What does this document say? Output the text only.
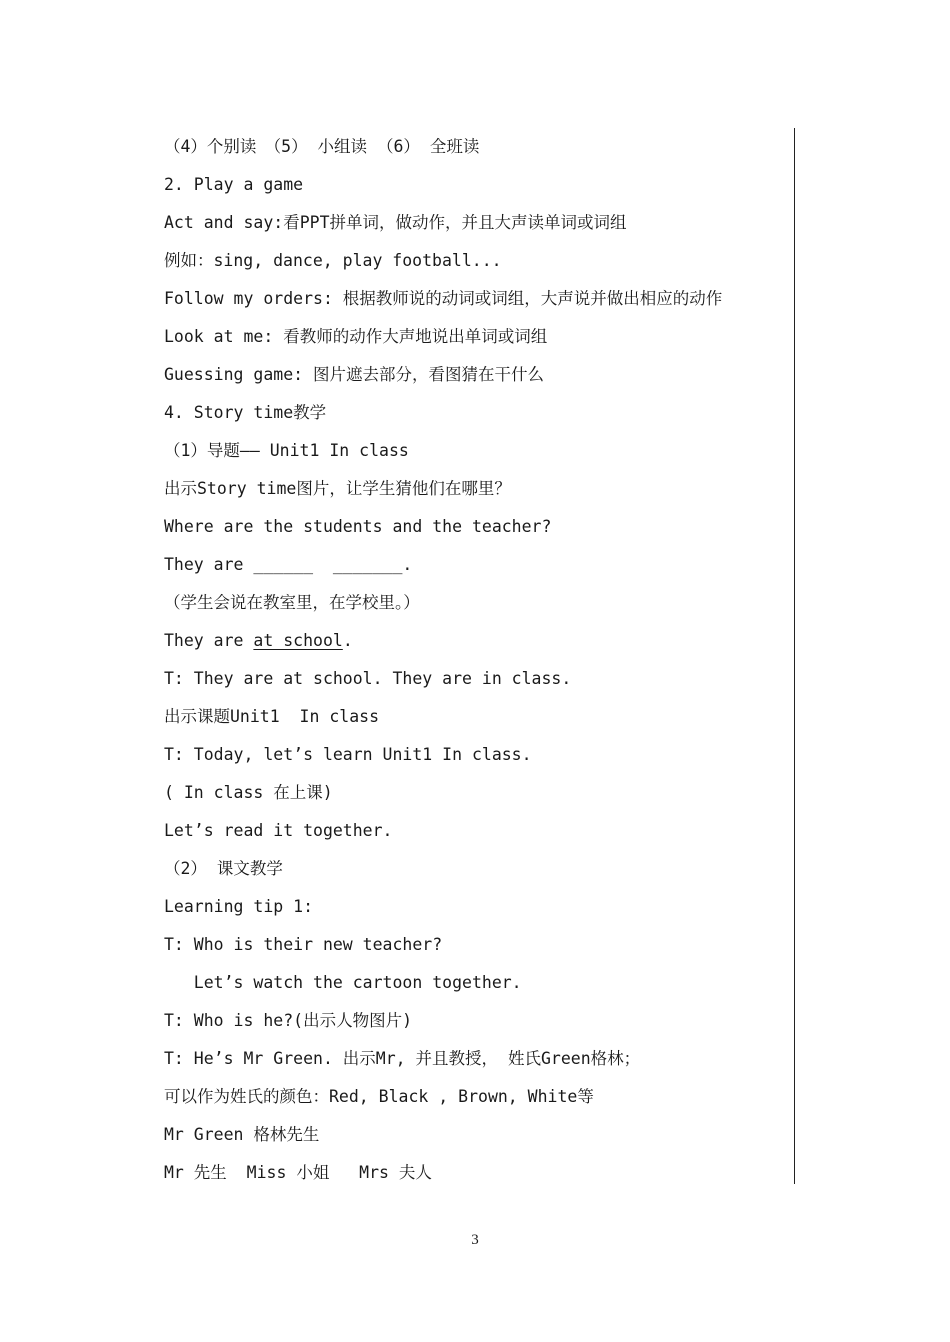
（4）个别读　（5） 小组读 （6） 全班读
2. Play a game
Act and say:看PPT拼单词，做动作，并且大声读单词或词组
例如：sing, dance, play football...
Follow my orders: 根据教师说的动词或词组，大声说并做出相应的动作
Look at me: 看教师的动作大声地说出单词或词组
Guessing game: 图片遮去部分，看图猜在干什么
4. Story time教学
（1）导题—— Unit1 In class
出示Story time图片，让学生猜他们在哪里？
Where are the students and the teacher?
They are ______  _______.
（学生会说在教室里，在学校里。）
They are at school.
T: They are at school. They are in class.
出示课题Unit1  In class
T: Today, let’s learn Unit1 In class.
( In class 在上课)
Let’s read it together.
（2） 课文教学
Learning tip 1:
T: Who is their new teacher?
Let’s watch the cartoon together.
T: Who is he?(出示人物图片)
T: He’s Mr Green. 出示Mr, 并且教授， 姓氏Green格林；
可以作为姓氏的颜色：Red, Black , Brown, White等
Mr Green 格林先生
Mr 先生  Miss 小姐   Mrs 夫人
3
